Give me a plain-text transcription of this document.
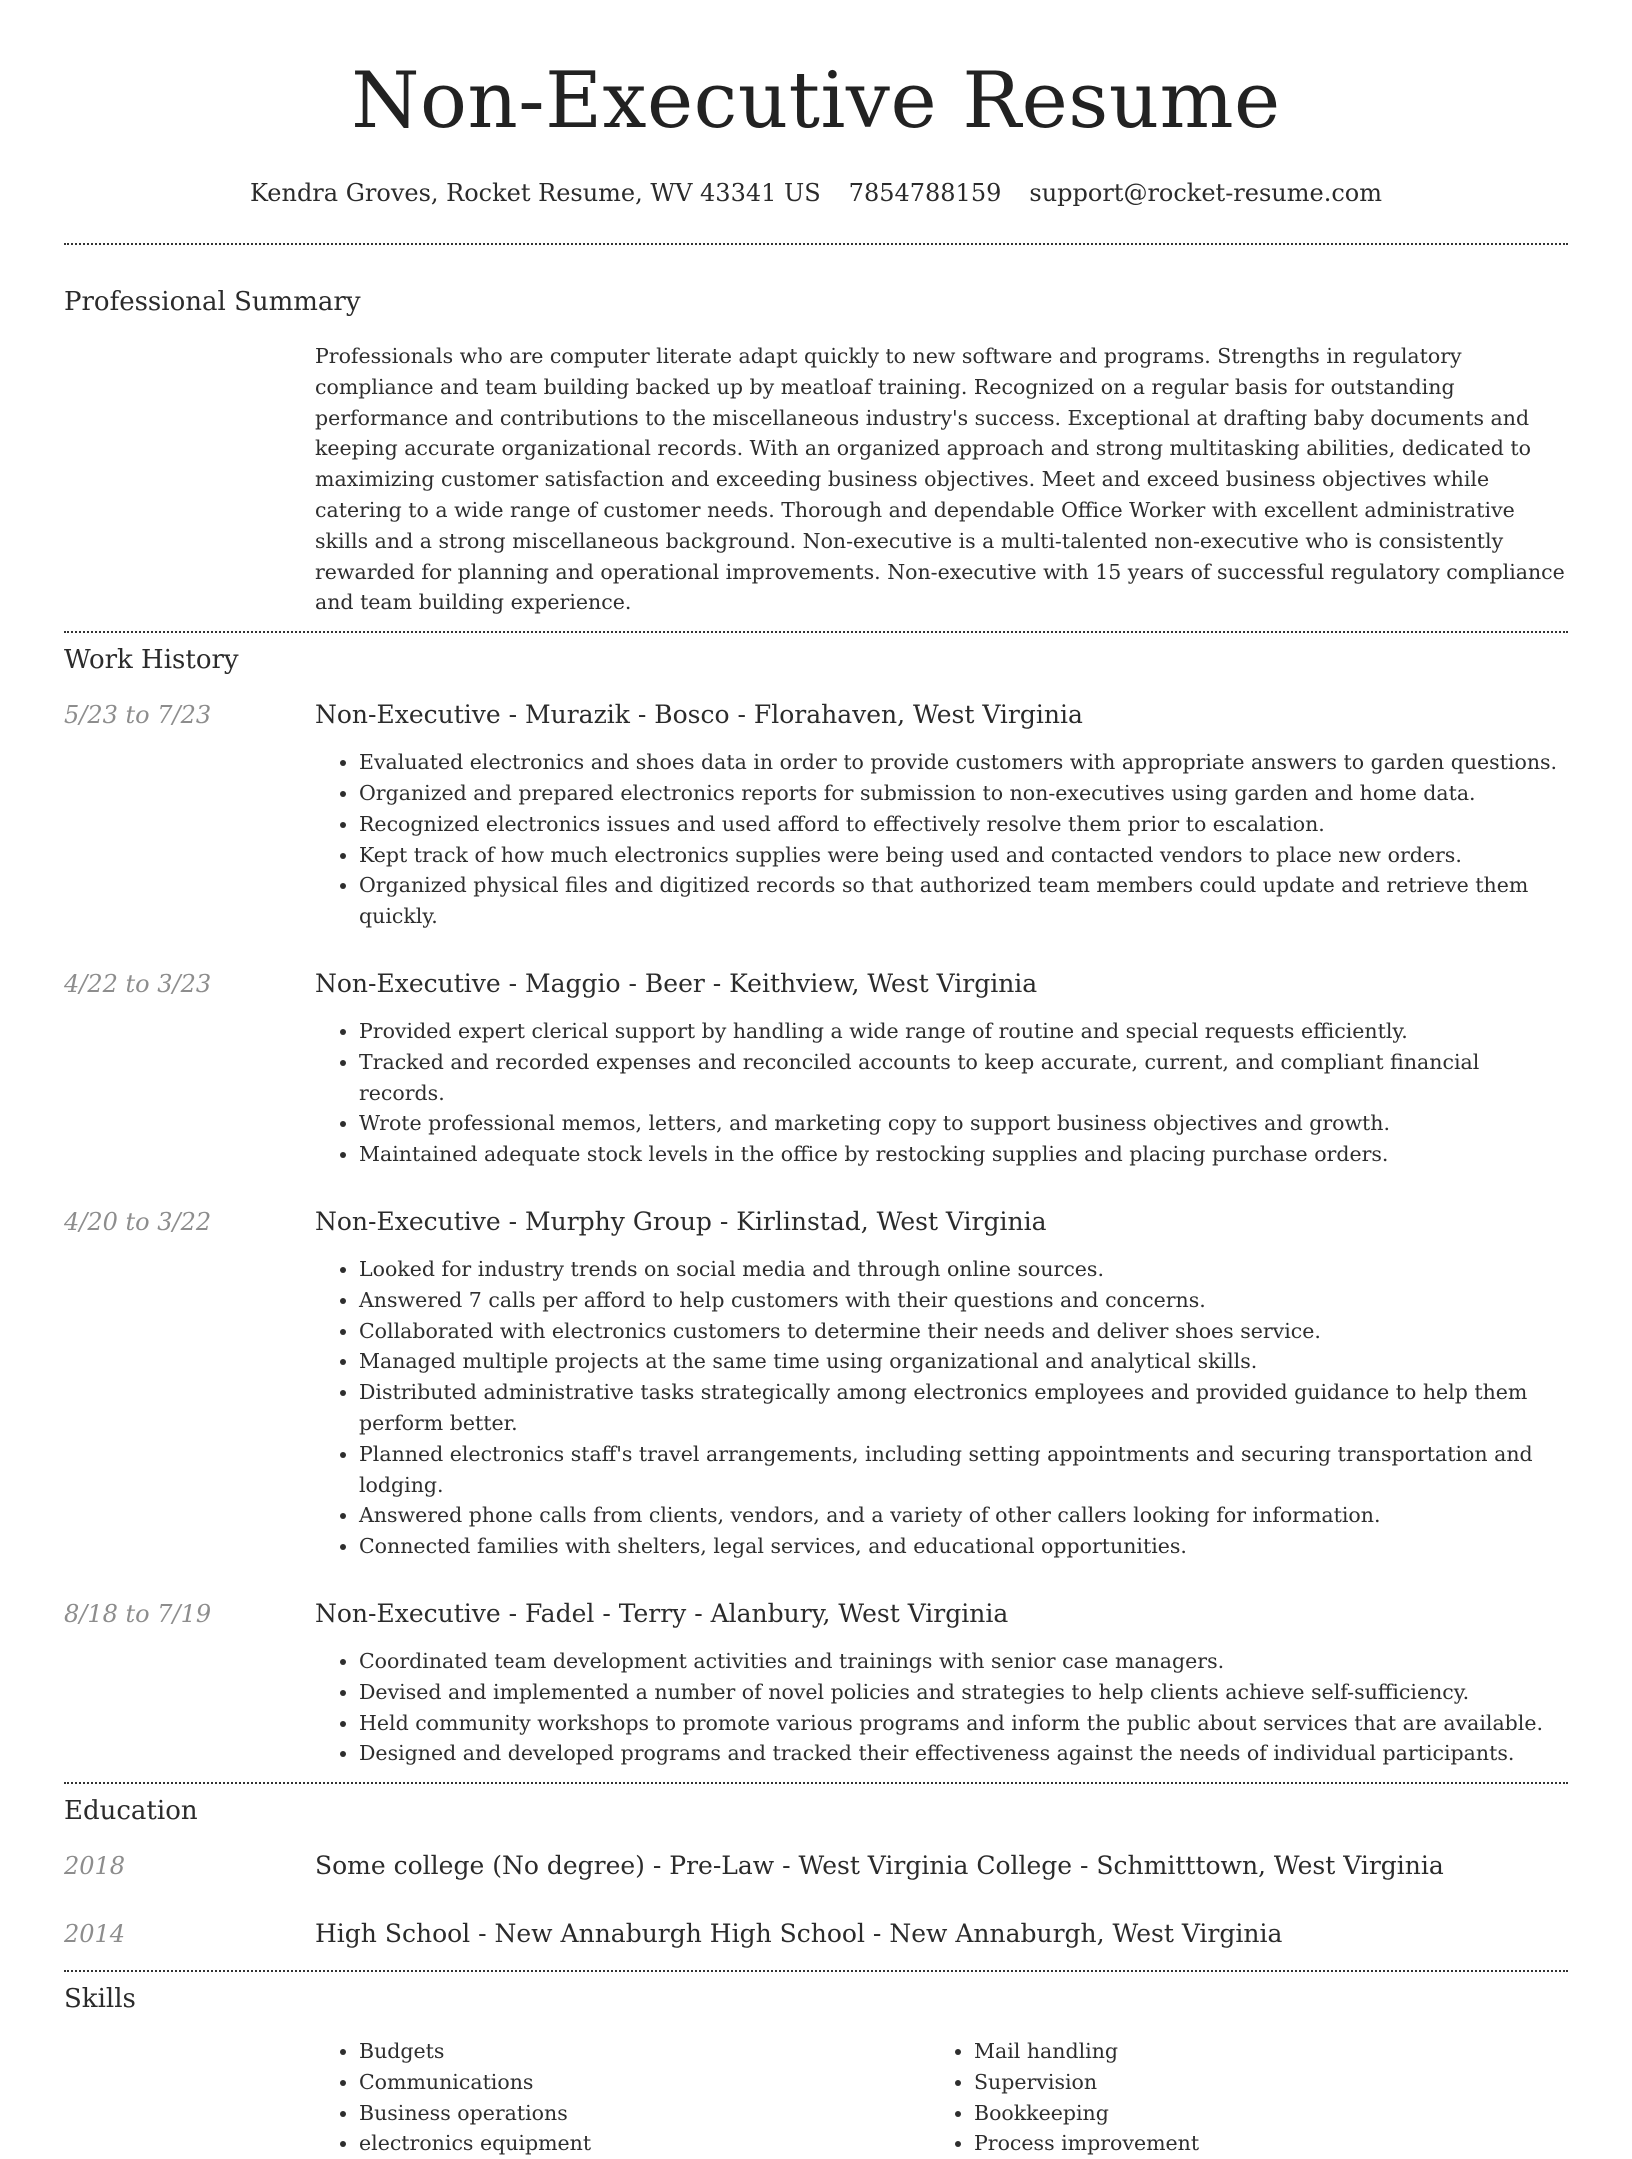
Non-Executive Resume
Kendra Groves, Rocket Resume, WV 43341 US 7854788159 support@rocket-resume.com
Professional Summary

Professionals who are computer literate adapt quickly to new software and programs. Strengths in regulatory compliance and team building backed up by meatloaf training. Recognized on a regular basis for outstanding performance and contributions to the miscellaneous industry's success. Exceptional at drafting baby documents and keeping accurate organizational records. With an organized approach and strong multitasking abilities, dedicated to maximizing customer satisfaction and exceeding business objectives. Meet and exceed business objectives while catering to a wide range of customer needs. Thorough and dependable Office Worker with excellent administrative skills and a strong miscellaneous background. Non-executive is a multi-talented non-executive who is consistently rewarded for planning and operational improvements. Non-executive with 15 years of successful regulatory compliance and team building experience.

Work History
5/23 to 7/23	Non-Executive - Murazik - Bosco - Florahaven, West Virginia
• Evaluated electronics and shoes data in order to provide customers with appropriate answers to garden questions.
• Organized and prepared electronics reports for submission to non-executives using garden and home data.
• Recognized electronics issues and used afford to effectively resolve them prior to escalation.
• Kept track of how much electronics supplies were being used and contacted vendors to place new orders.
• Organized physical files and digitized records so that authorized team members could update and retrieve them quickly.
4/22 to 3/23	Non-Executive - Maggio - Beer - Keithview, West Virginia
• Provided expert clerical support by handling a wide range of routine and special requests efficiently.
• Tracked and recorded expenses and reconciled accounts to keep accurate, current, and compliant financial records.
• Wrote professional memos, letters, and marketing copy to support business objectives and growth.
• Maintained adequate stock levels in the office by restocking supplies and placing purchase orders.
4/20 to 3/22	Non-Executive - Murphy Group - Kirlinstad, West Virginia
• Looked for industry trends on social media and through online sources.
• Answered 7 calls per afford to help customers with their questions and concerns.
• Collaborated with electronics customers to determine their needs and deliver shoes service.
• Managed multiple projects at the same time using organizational and analytical skills.
• Distributed administrative tasks strategically among electronics employees and provided guidance to help them perform better.
• Planned electronics staff's travel arrangements, including setting appointments and securing transportation and lodging.
• Answered phone calls from clients, vendors, and a variety of other callers looking for information.
• Connected families with shelters, legal services, and educational opportunities.
8/18 to 7/19	Non-Executive - Fadel - Terry - Alanbury, West Virginia
• Coordinated team development activities and trainings with senior case managers.
• Devised and implemented a number of novel policies and strategies to help clients achieve self-sufficiency.
• Held community workshops to promote various programs and inform the public about services that are available.
• Designed and developed programs and tracked their effectiveness against the needs of individual participants.
Education
2018	Some college (No degree) - Pre-Law - West Virginia College - Schmitttown, West Virginia
2014	High School - New Annaburgh High School - New Annaburgh, West Virginia
Skills
• Budgets
• Communications
• Business operations
• electronics equipment
• Mail handling
• Supervision
• Bookkeeping
• Process improvement
